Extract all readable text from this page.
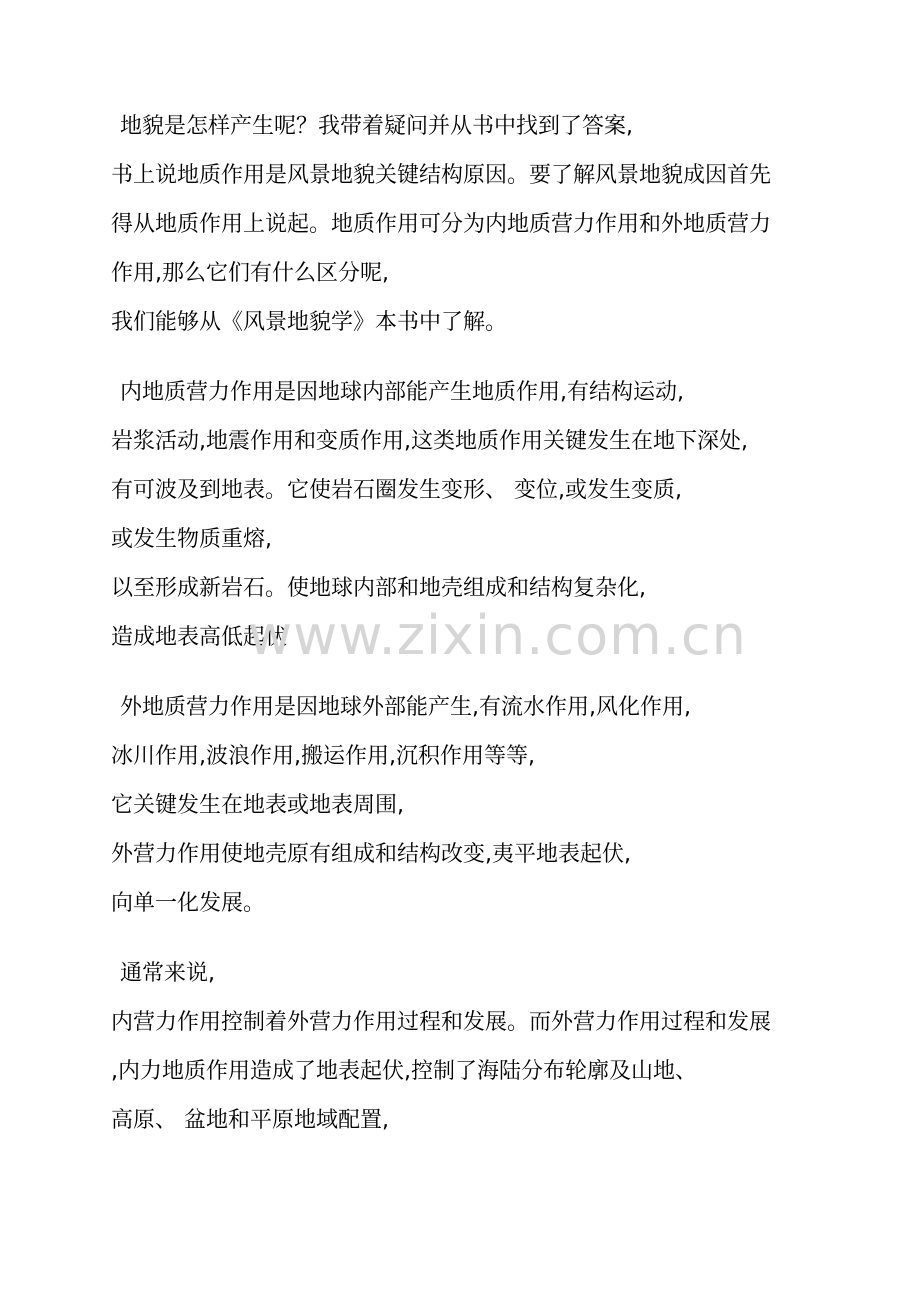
地貌是怎样产生呢？我带着疑问并从书中找到了答案,
书上说地质作用是风景地貌关键结构原因。要了解风景地貌成因首先
得从地质作用上说起。地质作用可分为内地质营力作用和外地质营力
作用,那么它们有什么区分呢,
我们能够从《风景地貌学》本书中了解。
内地质营力作用是因地球内部能产生地质作用,有结构运动,
岩浆活动,地震作用和变质作用,这类地质作用关键发生在地下深处,
有可波及到地表。它使岩石圈发生变形、 变位,或发生变质,
或发生物质重熔,
以至形成新岩石。使地球内部和地壳组成和结构复杂化,
造成地表高低起伏
外地质营力作用是因地球外部能产生,有流水作用,风化作用,
冰川作用,波浪作用,搬运作用,沉积作用等等,
它关键发生在地表或地表周围,
外营力作用使地壳原有组成和结构改变,夷平地表起伏,
向单一化发展。
通常来说,
内营力作用控制着外营力作用过程和发展。而外营力作用过程和发展
,内力地质作用造成了地表起伏,控制了海陆分布轮廓及山地、
高原、 盆地和平原地域配置,
www.zixin.com.cn
